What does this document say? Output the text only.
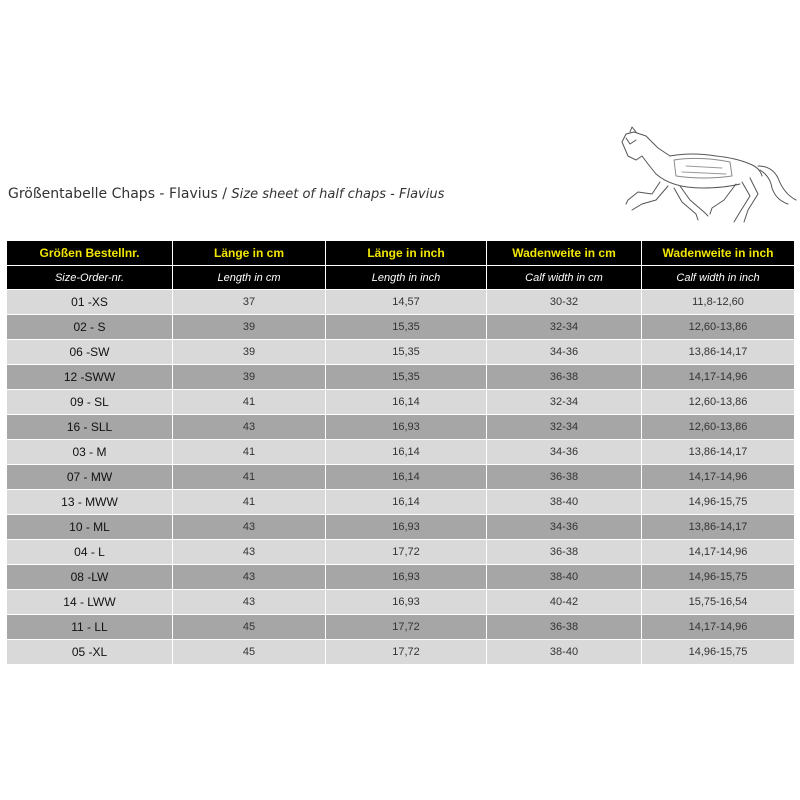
Größentabelle Chaps - Flavius / Size sheet of half chaps - Flavius
Größen Bestellnr.	Länge in cm	Länge in inch	Wadenweite in cm	Wadenweite in inch
Size-Order-nr.	Length in cm	Length in inch	Calf width in cm	Calf width in inch
01 -XS	37	14,57	30-32	11,8-12,60
02 - S	39	15,35	32-34	12,60-13,86
06 -SW	39	15,35	34-36	13,86-14,17
12 -SWW	39	15,35	36-38	14,17-14,96
09 - SL	41	16,14	32-34	12,60-13,86
16 - SLL	43	16,93	32-34	12,60-13,86
03 - M	41	16,14	34-36	13,86-14,17
07 - MW	41	16,14	36-38	14,17-14,96
13 - MWW	41	16,14	38-40	14,96-15,75
10 - ML	43	16,93	34-36	13,86-14,17
04 - L	43	17,72	36-38	14,17-14,96
08 -LW	43	16,93	38-40	14,96-15,75
14 - LWW	43	16,93	40-42	15,75-16,54
11 - LL	45	17,72	36-38	14,17-14,96
05 -XL	45	17,72	38-40	14,96-15,75
